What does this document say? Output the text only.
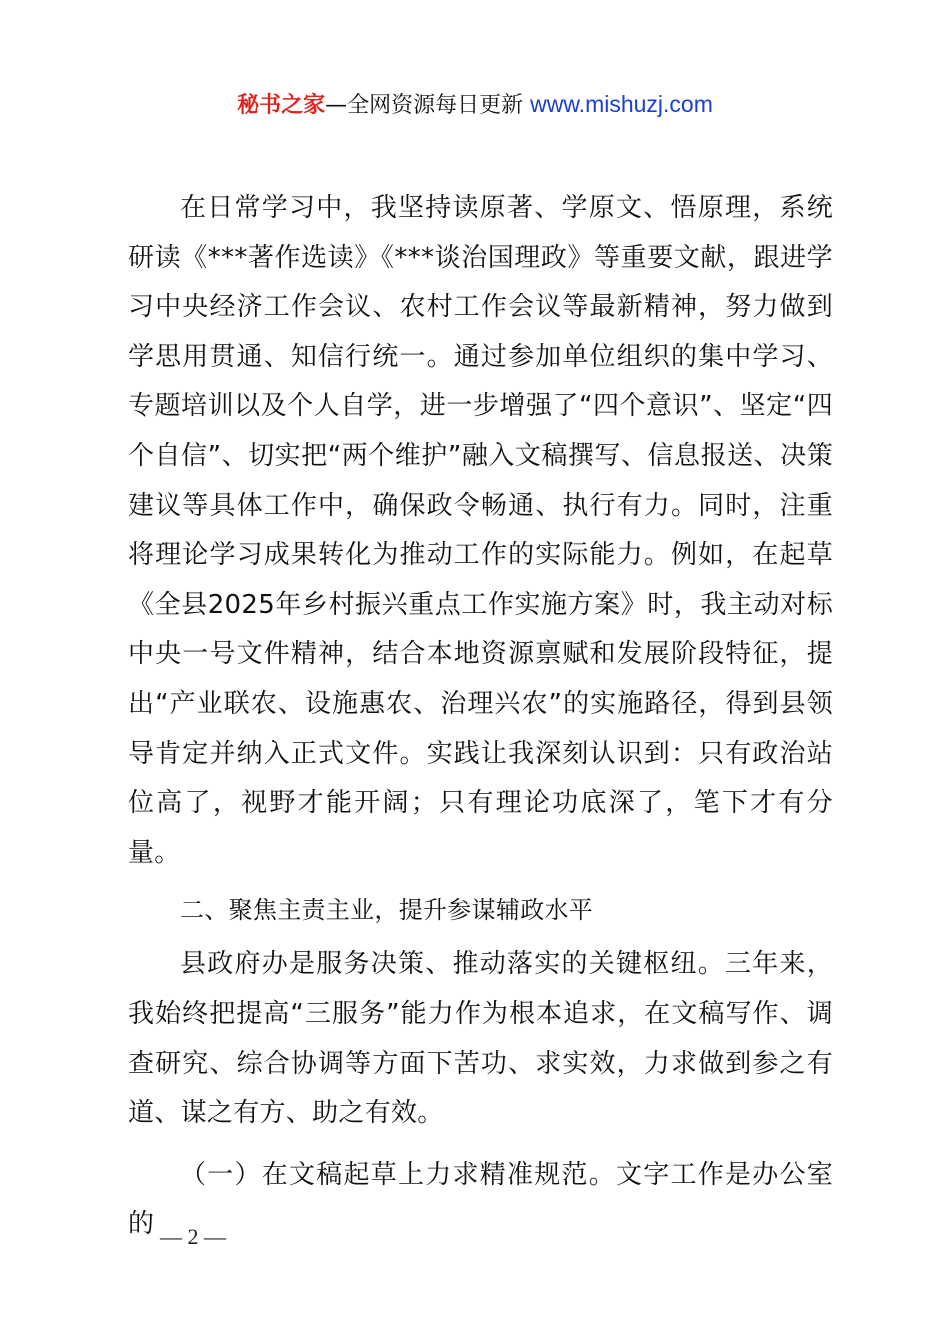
秘书之家—全网资源每日更新 www.mishuzj.com

在日常学习中，我坚持读原著、学原文、悟原理，系统研读《***著作选读》《***谈治国理政》等重要文献，跟进学习中央经济工作会议、农村工作会议等最新精神，努力做到学思用贯通、知信行统一。通过参加单位组织的集中学习、专题培训以及个人自学，进一步增强了“四个意识”、坚定“四个自信”、切实把“两个维护”融入文稿撰写、信息报送、决策建议等具体工作中，确保政令畅通、执行有力。同时，注重将理论学习成果转化为推动工作的实际能力。例如，在起草《全县2025年乡村振兴重点工作实施方案》时，我主动对标中央一号文件精神，结合本地资源禀赋和发展阶段特征，提出“产业联农、设施惠农、治理兴农”的实施路径，得到县领导肯定并纳入正式文件。实践让我深刻认识到：只有政治站位高了，视野才能开阔；只有理论功底深了，笔下才有分量。

二、聚焦主责主业，提升参谋辅政水平

县政府办是服务决策、推动落实的关键枢纽。三年来，我始终把提高“三服务”能力作为根本追求，在文稿写作、调查研究、综合协调等方面下苦功、求实效，力求做到参之有道、谋之有方、助之有效。

（一）在文稿起草上力求精准规范。文字工作是办公室的 — 2 —
